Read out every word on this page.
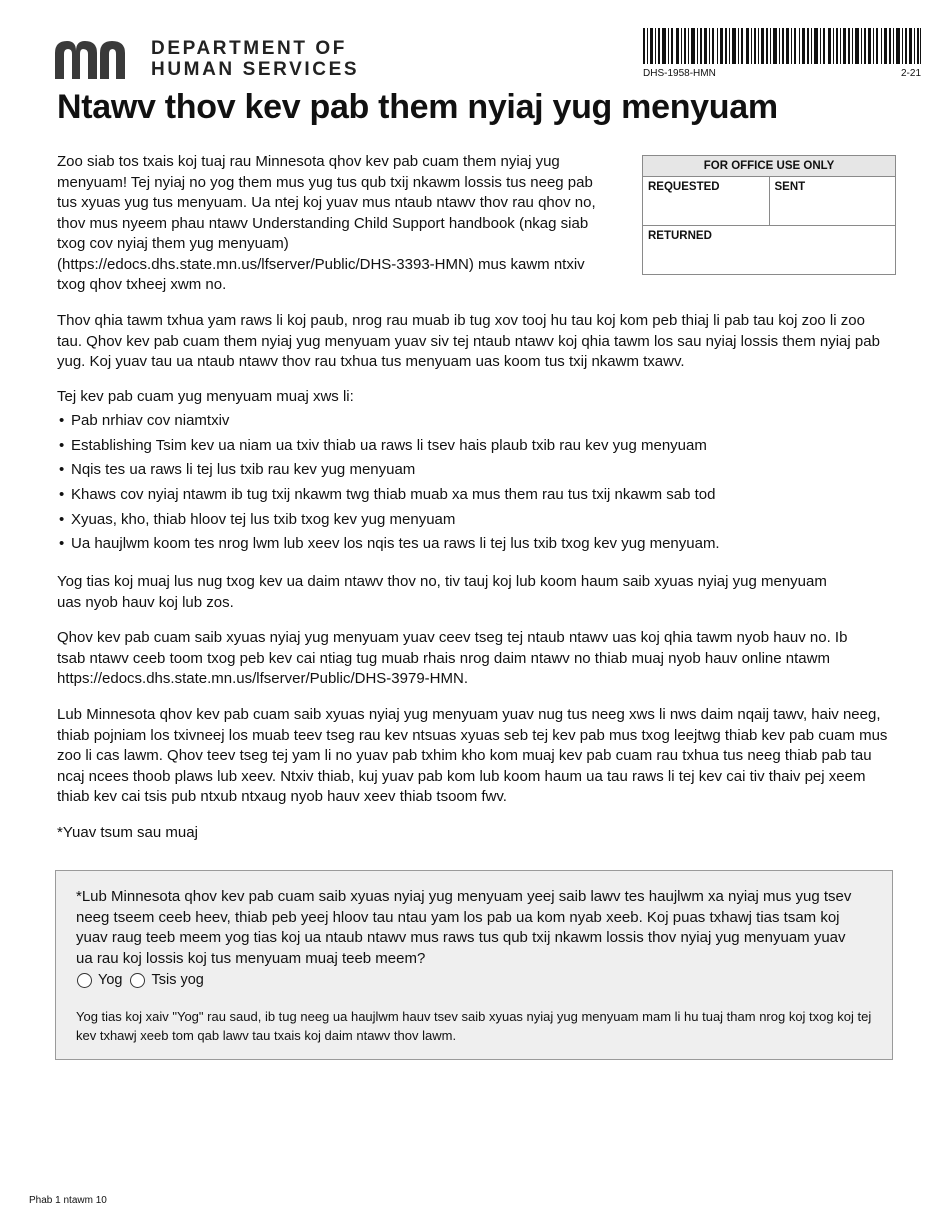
DEPARTMENT OF
HUMAN SERVICES	DHS-1958-HMN	2-21
Ntawv thov kev pab them nyiaj yug menyuam
FOR OFFICE USE ONLY
REQUESTED	SENT
RETURNED

Zoo siab tos txais koj tuaj rau Minnesota qhov kev pab cuam them nyiaj yug menyuam! Tej nyiaj no yog them mus yug tus qub txij nkawm lossis tus neeg pab tus xyuas yug tus menyuam. Ua ntej koj yuav mus ntaub ntawv thov rau qhov no, thov mus nyeem phau ntawv Understanding Child Support handbook (nkag siab txog cov nyiaj them yug menyuam) (https://edocs.dhs.state.mn.us/lfserver/Public/DHS-3393-HMN) mus kawm ntxiv txog qhov txheej xwm no.

Thov qhia tawm txhua yam raws li koj paub, nrog rau muab ib tug xov tooj hu tau koj kom peb thiaj li pab tau koj zoo li zoo tau. Qhov kev pab cuam them nyiaj yug menyuam yuav siv tej ntaub ntawv koj qhia tawm los sau nyiaj lossis them nyiaj pab yug. Koj yuav tau ua ntaub ntawv thov rau txhua tus menyuam uas koom tus txij nkawm txawv.

Tej kev pab cuam yug menyuam muaj xws li:

• Pab nrhiav cov niamtxiv
• Establishing Tsim kev ua niam ua txiv thiab ua raws li tsev hais plaub txib rau kev yug menyuam
• Nqis tes ua raws li tej lus txib rau kev yug menyuam
• Khaws cov nyiaj ntawm ib tug txij nkawm twg thiab muab xa mus them rau tus txij nkawm sab tod
• Xyuas, kho, thiab hloov tej lus txib txog kev yug menyuam
• Ua haujlwm koom tes nrog lwm lub xeev los nqis tes ua raws li tej lus txib txog kev yug menyuam.

Yog tias koj muaj lus nug txog kev ua daim ntawv thov no, tiv tauj koj lub koom haum saib xyuas nyiaj yug menyuam uas nyob hauv koj lub zos.

Qhov kev pab cuam saib xyuas nyiaj yug menyuam yuav ceev tseg tej ntaub ntawv uas koj qhia tawm nyob hauv no. Ib tsab ntawv ceeb toom txog peb kev cai ntiag tug muab rhais nrog daim ntawv no thiab muaj nyob hauv online ntawm https://edocs.dhs.state.mn.us/lfserver/Public/DHS-3979-HMN.

Lub Minnesota qhov kev pab cuam saib xyuas nyiaj yug menyuam yuav nug tus neeg xws li nws daim nqaij tawv, haiv neeg, thiab pojniam los txivneej los muab teev tseg rau kev ntsuas xyuas seb tej kev pab mus txog leejtwg thiab kev pab cuam mus zoo li cas lawm. Qhov teev tseg tej yam li no yuav pab txhim kho kom muaj kev pab cuam rau txhua tus neeg thiab pab tau ncaj ncees thoob plaws lub xeev. Ntxiv thiab, kuj yuav pab kom lub koom haum ua tau raws li tej kev cai tiv thaiv pej xeem thiab kev cai tsis pub ntxub ntxaug nyob hauv xeev thiab tsoom fwv.

*Yuav tsum sau muaj

*Lub Minnesota qhov kev pab cuam saib xyuas nyiaj yug menyuam yeej saib lawv tes haujlwm xa nyiaj mus yug tsev neeg tseem ceeb heev, thiab peb yeej hloov tau ntau yam los pab ua kom nyab xeeb. Koj puas txhawj tias tsam koj yuav raug teeb meem yog tias koj ua ntaub ntawv mus raws tus qub txij nkawm lossis thov nyiaj yug menyuam yuav ua rau koj lossis koj tus menyuam muaj teeb meem?

Yog Tsis yog

Yog tias koj xaiv "Yog" rau saud, ib tug neeg ua haujlwm hauv tsev saib xyuas nyiaj yug menyuam mam li hu tuaj tham nrog koj txog koj tej kev txhawj xeeb tom qab lawv tau txais koj daim ntawv thov lawm.

Phab 1 ntawm 10
